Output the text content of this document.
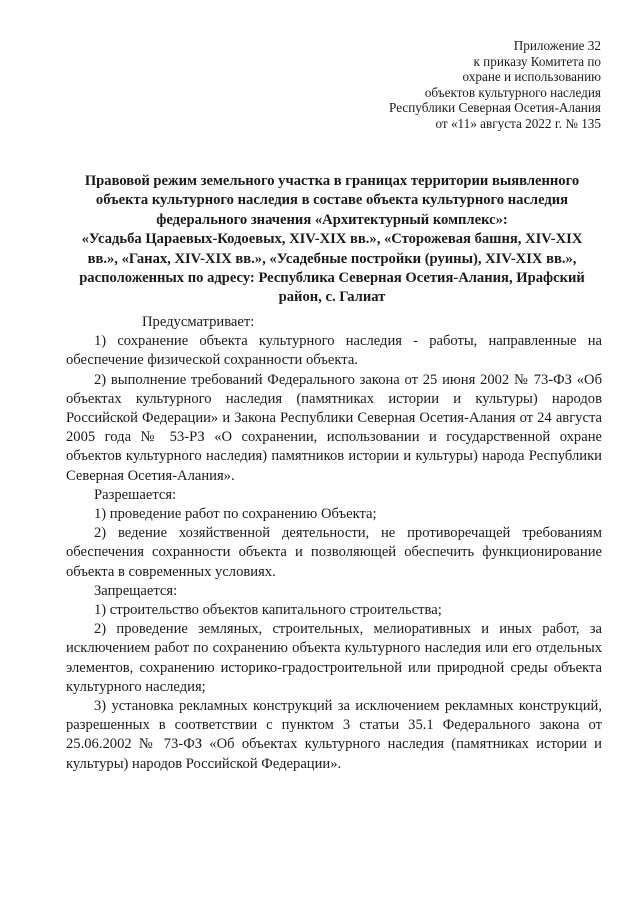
Приложение 32
к приказу Комитета по
охране и использованию
объектов культурного наследия
Республики Северная Осетия-Алания
от «11» августа 2022 г. № 135
Правовой режим земельного участка в границах территории выявленного
объекта культурного наследия в составе объекта культурного наследия
федерального значения «Архитектурный комплекс»:
«Усадьба Цараевых-Кодоевых, XIV-XIX вв.», «Сторожевая башня, XIV-XIX
вв.», «Ганах, XIV-XIX вв.», «Усадебные постройки (руины), XIV-XIX вв.»,
расположенных по адресу: Республика Северная Осетия-Алания, Ирафский
район, с. Галиат

Предусматривает:

1) сохранение объекта культурного наследия - работы, направленные на обеспечение физической сохранности объекта.

2) выполнение требований Федерального закона от 25 июня 2002 № 73-ФЗ «Об объектах культурного наследия (памятниках истории и культуры) народов Российской Федерации» и Закона Республики Северная Осетия-Алания от 24 августа 2005 года № 53-РЗ «О сохранении, использовании и государственной охране объектов культурного наследия) памятников истории и культуры) народа Республики Северная Осетия-Алания».

Разрешается:

1) проведение работ по сохранению Объекта;

2) ведение хозяйственной деятельности, не противоречащей требованиям обеспечения сохранности объекта и позволяющей обеспечить функционирование объекта в современных условиях.

Запрещается:

1) строительство объектов капитального строительства;

2) проведение земляных, строительных, мелиоративных и иных работ, за исключением работ по сохранению объекта культурного наследия или его отдельных элементов, сохранению историко-градостроительной или природной среды объекта культурного наследия;

3) установка рекламных конструкций за исключением рекламных конструкций, разрешенных в соответствии с пунктом 3 статьи 35.1 Федерального закона от 25.06.2002 № 73-ФЗ «Об объектах культурного наследия (памятниках истории и культуры) народов Российской Федерации».
